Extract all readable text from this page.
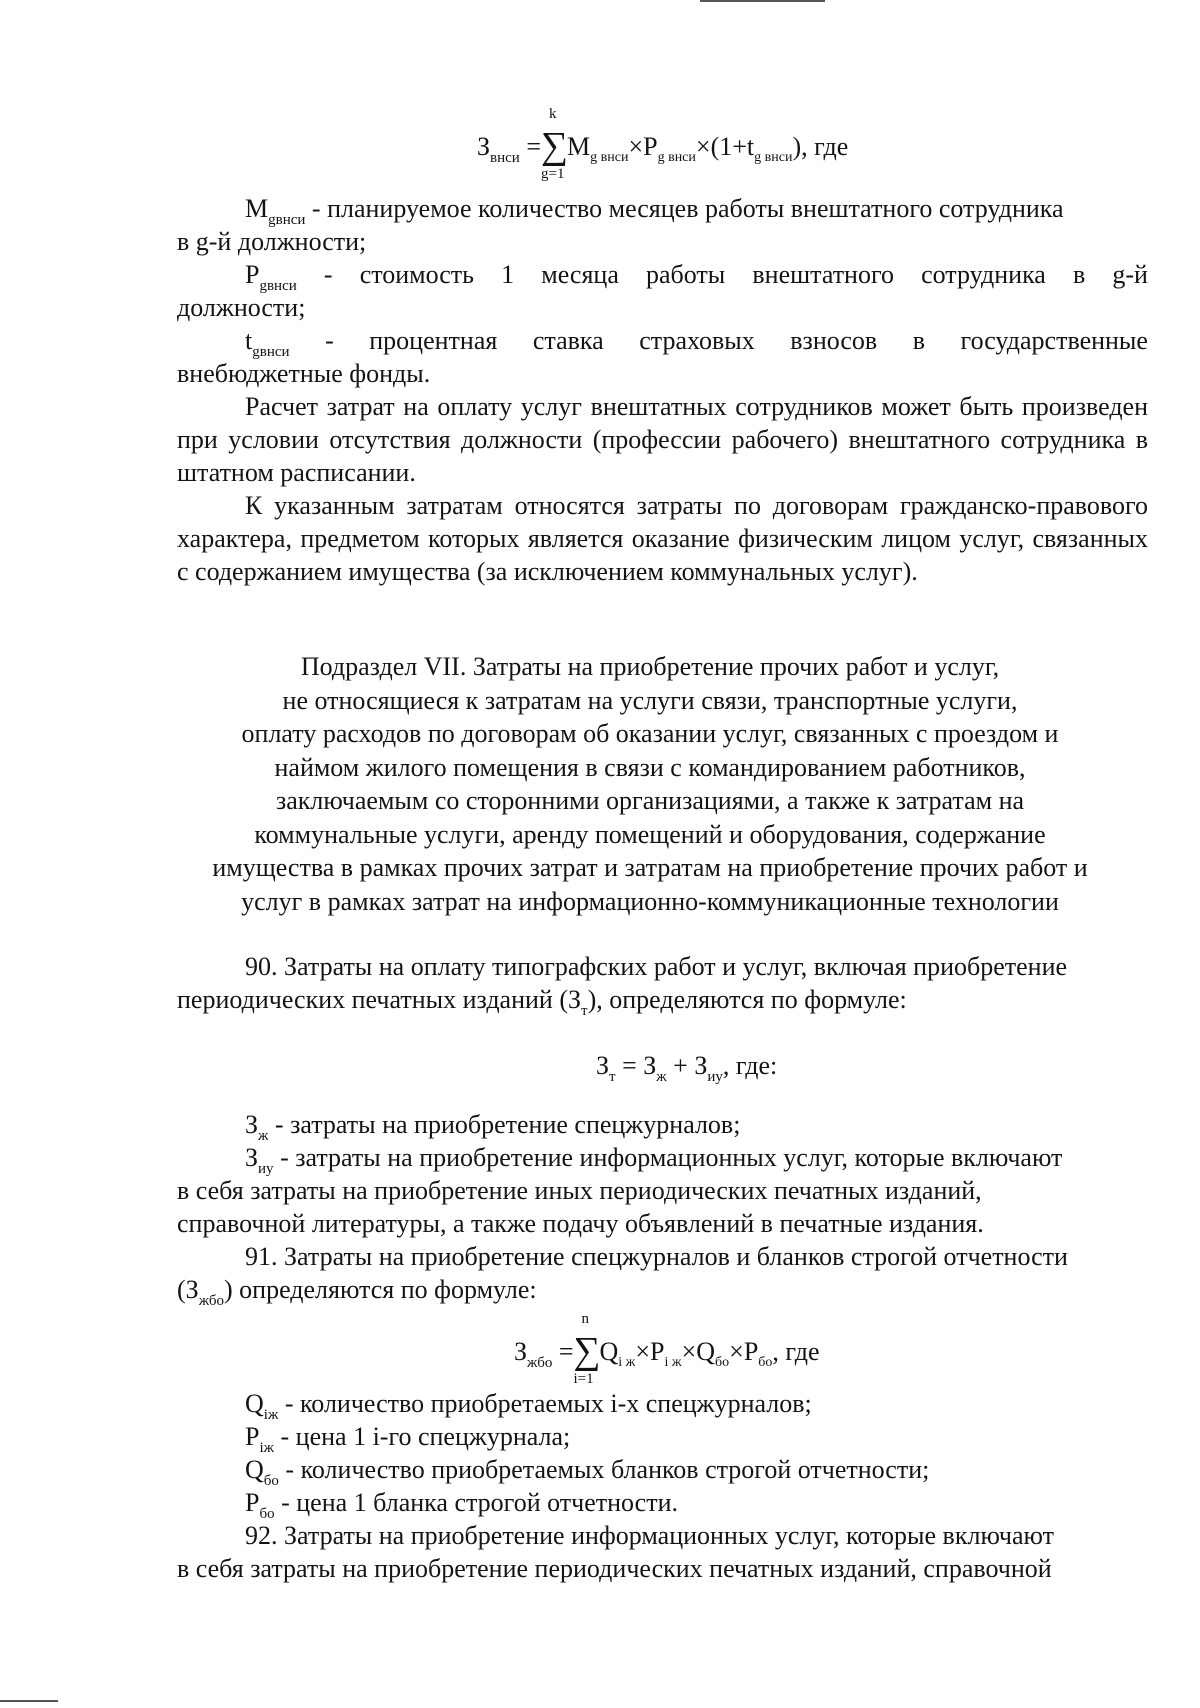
$З_{внси}$ =
k
∑
g=1
$M_{g внси}\times P_{g внси}\times(1+t_{g внси})$, где
$M_{gвнси}$ - планируемое количество месяцев работы внештатного сотрудника
в g-й должности;
$P_{gвнси}$ - стоимость 1 месяца работы внештатного сотрудника в g-й
должности;
$t_{gвнси}$ - процентная ставка страховых взносов в государственные
внебюджетные фонды.
Расчет затрат на оплату услуг внештатных сотрудников может быть произведен при условии отсутствия должности (профессии рабочего) внештатного сотрудника в штатном расписании.
К указанным затратам относятся затраты по договорам гражданско-правового характера, предметом которых является оказание физическим лицом услуг, связанных с содержанием имущества (за исключением коммунальных услуг).
Подраздел VII. Затраты на приобретение прочих работ и услуг,
не относящиеся к затратам на услуги связи, транспортные услуги,
оплату расходов по договорам об оказании услуг, связанных с проездом и
наймом жилого помещения в связи с командированием работников,
заключаемым со сторонними организациями, а также к затратам на
коммунальные услуги, аренду помещений и оборудования, содержание
имущества в рамках прочих затрат и затратам на приобретение прочих работ и
услуг в рамках затрат на информационно-коммуникационные технологии
90. Затраты на оплату типографских работ и услуг, включая приобретение
периодических печатных изданий $(З_т)$, определяются по формуле:
$З_т = З_ж + З_{иу}$, где:
$З_ж$ - затраты на приобретение спецжурналов;
$З_{иу}$ - затраты на приобретение информационных услуг, которые включают
в себя затраты на приобретение иных периодических печатных изданий,
справочной литературы, а также подачу объявлений в печатные издания.
91. Затраты на приобретение спецжурналов и бланков строгой отчетности
$(З_{жбо})$ определяются по формуле:
$З_{жбо}$ =
n
∑
i=1
$Q_{i ж}\times P_{i ж}\times Q_{бо}\times P_{бо}$, где
$Q_{iж}$ - количество приобретаемых i-х спецжурналов;
$P_{iж}$ - цена 1 i-го спецжурнала;
$Q_{бо}$ - количество приобретаемых бланков строгой отчетности;
$P_{бо}$ - цена 1 бланка строгой отчетности.
92. Затраты на приобретение информационных услуг, которые включают
в себя затраты на приобретение периодических печатных изданий, справочной
